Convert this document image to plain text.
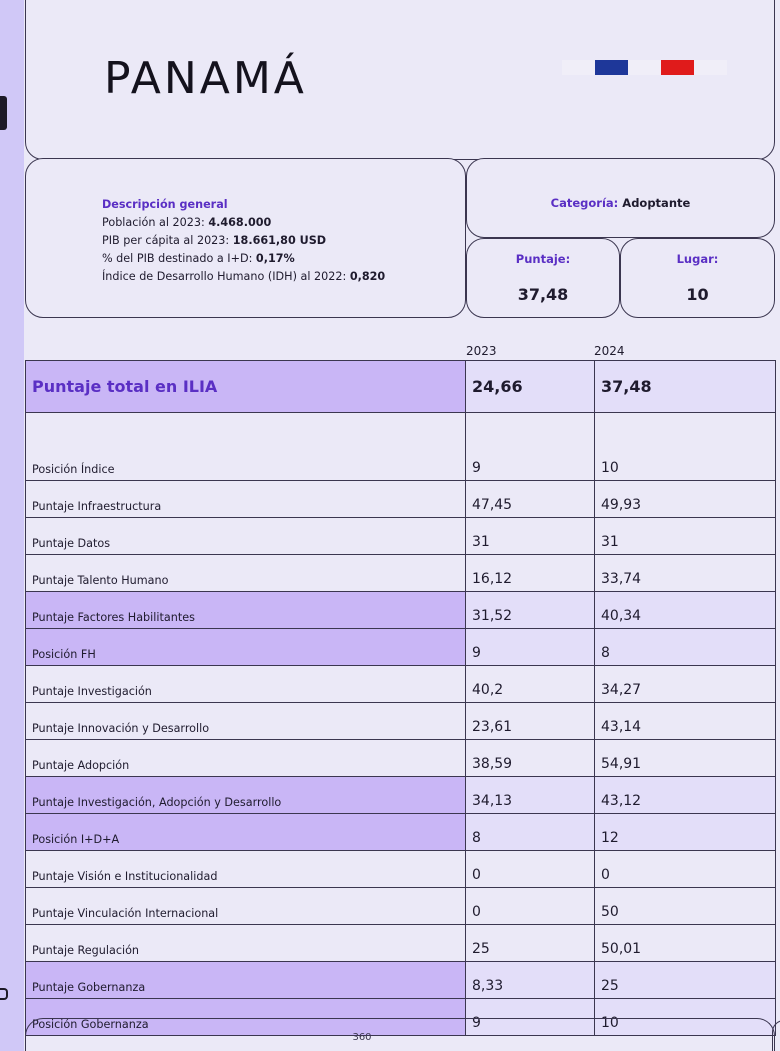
PANAMÁ
Descripción general
Población al 2023: 4.468.000
PIB per cápita al 2023: 18.661,80 USD
% del PIB destinado a I+D: 0,17%
Índice de Desarrollo Humano (IDH) al 2022: 0,820
Categoría: Adoptante
Puntaje:
37,48
Lugar:
10
2023	2024
Puntaje total en ILIA	24,66	37,48
Posición Índice	9	10
Puntaje Infraestructura	47,45	49,93
Puntaje Datos	31	31
Puntaje Talento Humano	16,12	33,74
Puntaje Factores Habilitantes	31,52	40,34
Posición FH	9	8
Puntaje Investigación	40,2	34,27
Puntaje Innovación y Desarrollo	23,61	43,14
Puntaje Adopción	38,59	54,91
Puntaje Investigación, Adopción y Desarrollo	34,13	43,12
Posición I+D+A	8	12
Puntaje Visión e Institucionalidad	0	0
Puntaje Vinculación Internacional	0	50
Puntaje Regulación	25	50,01
Puntaje Gobernanza	8,33	25
Posición Gobernanza	9	10
360
